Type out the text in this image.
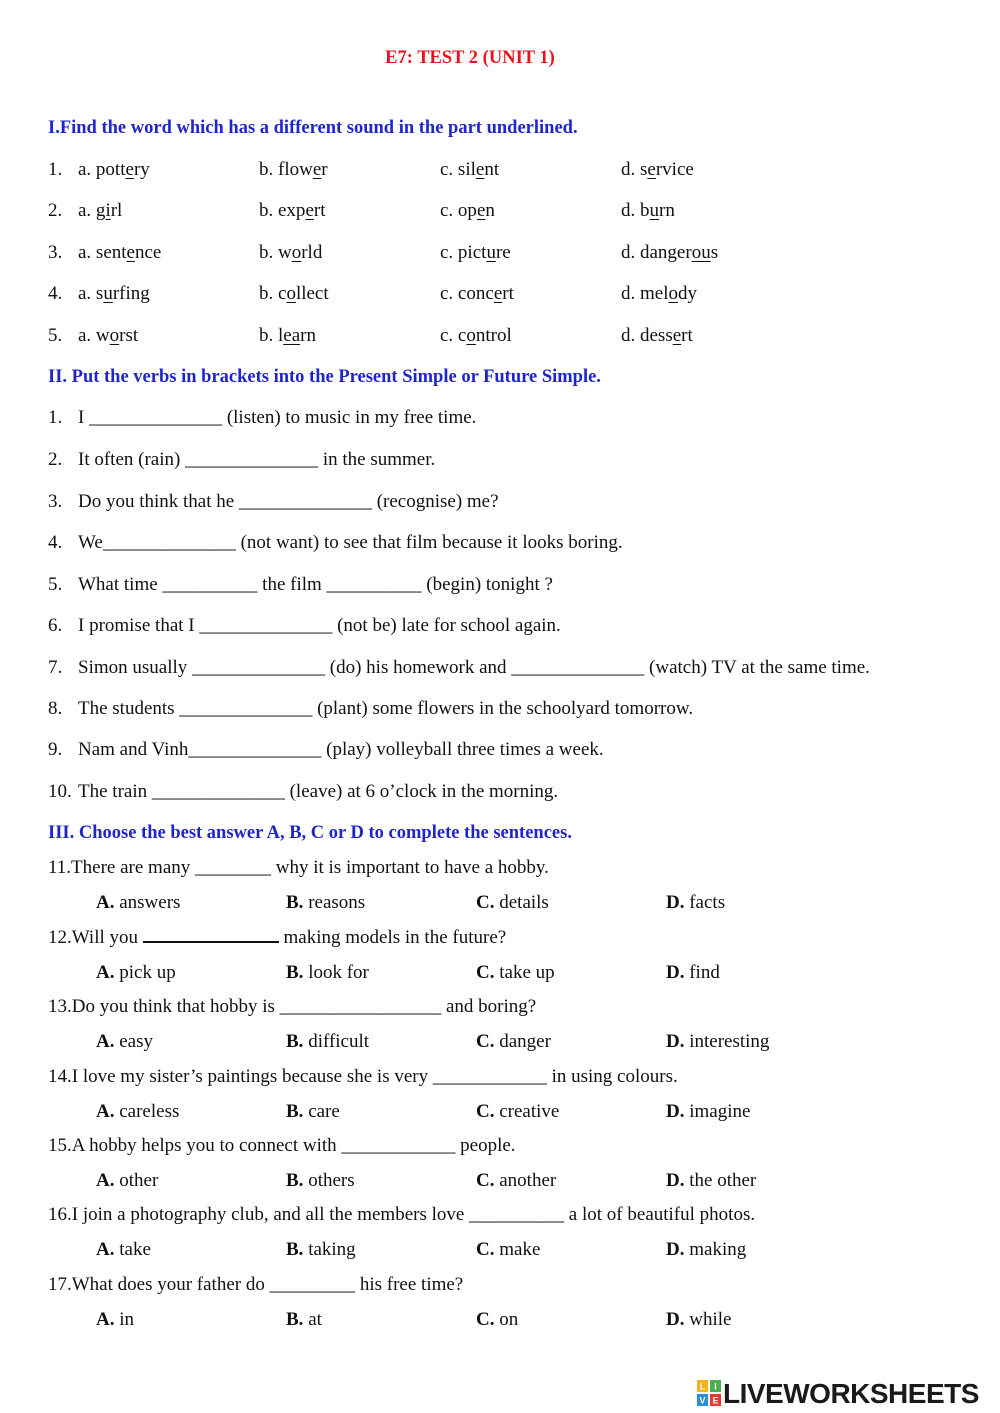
E7: TEST 2 (UNIT 1)
I.Find the word which has a different sound in the part underlined.
1. a. pottery	b. flower	c. silent	d. service
2. a. girl	b. expert	c. open	d. burn
3. a. sentence	b. world	c. picture	d. dangerous
4. a. surfing	b. collect	c. concert	d. melody
5. a. worst	b. learn	c. control	d. dessert
II. Put the verbs in brackets into the Present Simple or Future Simple.
1. I ______________ (listen) to music in my free time.
2. It often (rain) ______________ in the summer.
3. Do you think that he ______________ (recognise) me?
4. We______________ (not want) to see that film because it looks boring.
5. What time __________ the film __________ (begin) tonight ?
6. I promise that I ______________ (not be) late for school again.
7. Simon usually ______________ (do) his homework and ______________ (watch) TV at the same time.
8. The students ______________ (plant) some flowers in the schoolyard tomorrow.
9. Nam and Vinh______________ (play) volleyball three times a week.
10. The train ______________ (leave) at 6 o’clock in the morning.
III. Choose the best answer A, B, C or D to complete the sentences.
11.There are many ________ why it is important to have a hobby.
A. answers	B. reasons	C. details	D. facts
12.Will you	making models in the future?
A. pick up	B. look for	C. take up	D. find
13.Do you think that hobby is _________________ and boring?
A. easy	B. difficult	C. danger	D. interesting
14.I love my sister’s paintings because she is very ____________ in using colours.
A. careless	B. care	C. creative	D. imagine
15.A hobby helps you to connect with ____________ people.
A. other	B. others	C. another	D. the other
16.I join a photography club, and all the members love __________ a lot of beautiful photos.
A. take	B. taking	C. make	D. making
17.What does your father do _________ his free time?
A. in	B. at	C. on	D. while
L I
V E LIVEWORKSHEETS
